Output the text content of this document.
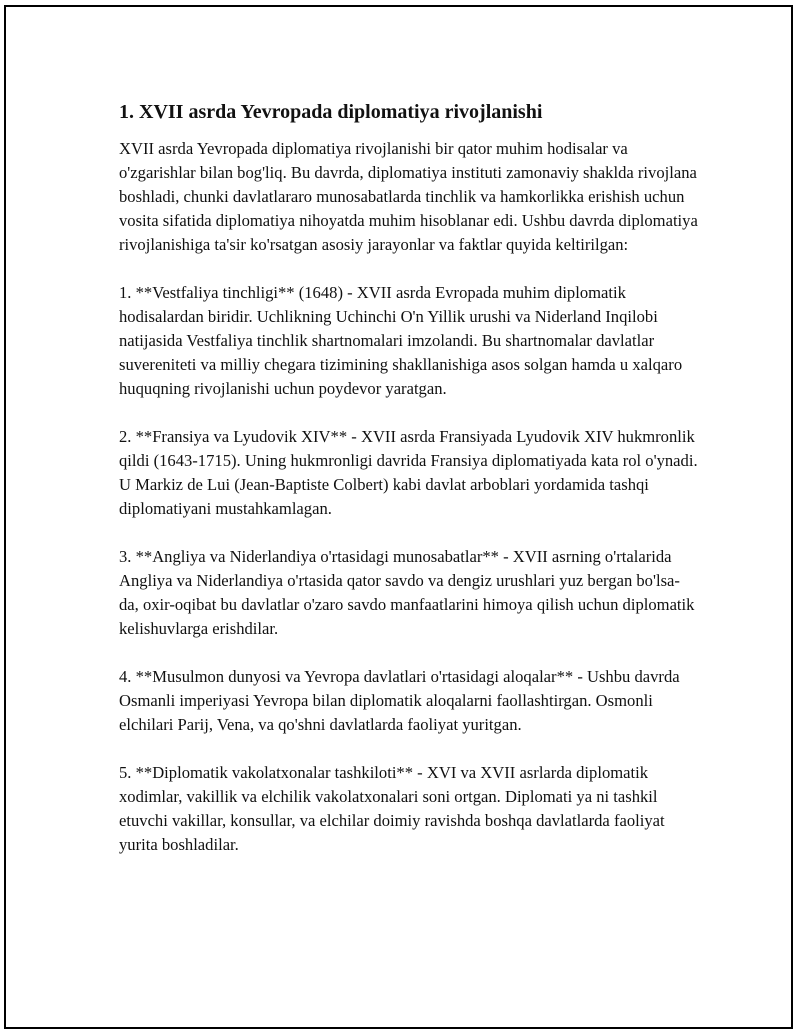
1. XVII asrda Yevropada diplomatiya rivojlanishi

XVII asrda Yevropada diplomatiya rivojlanishi bir qator muhim hodisalar va o'zgarishlar bilan bog'liq. Bu davrda, diplomatiya instituti zamonaviy shaklda rivojlana boshladi, chunki davlatlararo munosabatlarda tinchlik va hamkorlikka erishish uchun vosita sifatida diplomatiya nihoyatda muhim hisoblanar edi. Ushbu davrda diplomatiya rivojlanishiga ta'sir ko'rsatgan asosiy jarayonlar va faktlar quyida keltirilgan:

1. **Vestfaliya tinchligi** (1648) - XVII asrda Evropada muhim diplomatik hodisalardan biridir. Uchlikning Uchinchi O'n Yillik urushi va Niderland Inqilobi natijasida Vestfaliya tinchlik shartnomalari imzolandi. Bu shartnomalar davlatlar suvereniteti va milliy chegara tizimining shakllanishiga asos solgan hamda u xalqaro huquqning rivojlanishi uchun poydevor yaratgan.

2. **Fransiya va Lyudovik XIV** - XVII asrda Fransiyada Lyudovik XIV hukmronlik qildi (1643-1715). Uning hukmronligi davrida Fransiya diplomatiyada kata rol o'ynadi. U Markiz de Lui (Jean-Baptiste Colbert) kabi davlat arboblari yordamida tashqi diplomatiyani mustahkamlagan.

3. **Angliya va Niderlandiya o'rtasidagi munosabatlar** - XVII asrning o'rtalarida Angliya va Niderlandiya o'rtasida qator savdo va dengiz urushlari yuz bergan bo'lsa-da, oxir-oqibat bu davlatlar o'zaro savdo manfaatlarini himoya qilish uchun diplomatik kelishuvlarga erishdilar.

4. **Musulmon dunyosi va Yevropa davlatlari o'rtasidagi aloqalar** - Ushbu davrda Osmanli imperiyasi Yevropa bilan diplomatik aloqalarni faollashtirgan. Osmonli elchilari Parij, Vena, va qo'shni davlatlarda faoliyat yuritgan.

5. **Diplomatik vakolatxonalar tashkiloti** - XVI va XVII asrlarda diplomatik xodimlar, vakillik va elchilik vakolatxonalari soni ortgan. Diplomati ya ni tashkil etuvchi vakillar, konsullar, va elchilar doimiy ravishda boshqa davlatlarda faoliyat yurita boshladilar.
